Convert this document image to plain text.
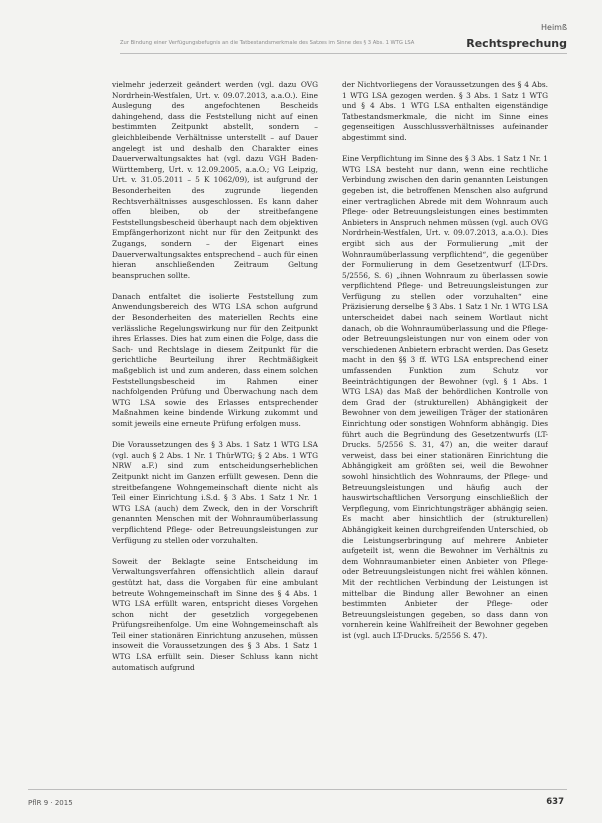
Heimß
Zur Bindung einer Verfügungsbefugnis an die Tatbestandsmerkmale des Satzes im Sinne des § 3 Abs. 1 WTG LSA	Rechtsprechung

vielmehr jederzeit geändert werden (vgl. dazu OVG Nordrhein-Westfalen, Urt. v. 09.07.2013, a.a.O.). Eine Auslegung des angefochtenen Bescheids dahingehend, dass die Feststellung nicht auf einen bestimmten Zeitpunkt abstellt, sondern – gleichbleibende Verhältnisse unterstellt – auf Dauer angelegt ist und deshalb den Charakter eines Dauerverwaltungsaktes hat (vgl. dazu VGH Baden-Württemberg, Urt. v. 12.09.2005, a.a.O.; VG Leipzig, Urt. v. 31.05.2011 – 5 K 1062/09), ist aufgrund der Besonderheiten des zugrunde liegenden Rechtsverhältnisses ausgeschlossen. Es kann daher offen bleiben, ob der streitbefangene Feststellungsbescheid überhaupt nach dem objektiven Empfängerhorizont nicht nur für den Zeitpunkt des Zugangs, sondern – der Eigenart eines Dauerverwaltungsaktes entsprechend – auch für einen hieran anschließenden Zeitraum Geltung beanspruchen sollte.

Danach entfaltet die isolierte Feststellung zum Anwendungsbereich des WTG LSA schon aufgrund der Besonderheiten des materiellen Rechts eine verlässliche Regelungswirkung nur für den Zeitpunkt ihres Erlasses. Dies hat zum einen die Folge, dass die Sach- und Rechtslage in diesem Zeitpunkt für die gerichtliche Beurteilung ihrer Rechtmäßigkeit maßgeblich ist und zum anderen, dass einem solchen Feststellungsbescheid im Rahmen einer nachfolgenden Prüfung und Überwachung nach dem WTG LSA sowie des Erlasses entsprechender Maßnahmen keine bindende Wirkung zukommt und somit jeweils eine erneute Prüfung erfolgen muss.

Die Voraussetzungen des § 3 Abs. 1 Satz 1 WTG LSA (vgl. auch § 2 Abs. 1 Nr. 1 ThürWTG; § 2 Abs. 1 WTG NRW a.F.) sind zum entscheidungserheblichen Zeitpunkt nicht im Ganzen erfüllt gewesen. Denn die streitbefangene Wohngemeinschaft diente nicht als Teil einer Einrichtung i.S.d. § 3 Abs. 1 Satz 1 Nr. 1 WTG LSA (auch) dem Zweck, den in der Vorschrift genannten Menschen mit der Wohnraumüberlassung verpflichtend Pflege- oder Betreuungsleistungen zur Verfügung zu stellen oder vorzuhalten.

Soweit der Beklagte seine Entscheidung im Verwaltungsverfahren offensichtlich allein darauf gestützt hat, dass die Vorgaben für eine ambulant betreute Wohngemeinschaft im Sinne des § 4 Abs. 1 WTG LSA erfüllt waren, entspricht dieses Vorgehen schon nicht der gesetzlich vorgegebenen Prüfungsreihenfolge. Um eine Wohngemeinschaft als Teil einer stationären Einrichtung anzusehen, müssen insoweit die Voraussetzungen des § 3 Abs. 1 Satz 1 WTG LSA erfüllt sein. Dieser Schluss kann nicht automatisch aufgrund

der Nichtvorliegens der Voraussetzungen des § 4 Abs. 1 WTG LSA gezogen werden. § 3 Abs. 1 Satz 1 WTG und § 4 Abs. 1 WTG LSA enthalten eigenständige Tatbestandsmerkmale, die nicht im Sinne eines gegenseitigen Ausschlussverhältnisses aufeinander abgestimmt sind.

Eine Verpflichtung im Sinne des § 3 Abs. 1 Satz 1 Nr. 1 WTG LSA besteht nur dann, wenn eine rechtliche Verbindung zwischen den darin genannten Leistungen gegeben ist, die betroffenen Menschen also aufgrund einer vertraglichen Abrede mit dem Wohnraum auch Pflege- oder Betreuungsleistungen eines bestimmten Anbieters in Anspruch nehmen müssen (vgl. auch OVG Nordrhein-Westfalen, Urt. v. 09.07.2013, a.a.O.). Dies ergibt sich aus der Formulierung „mit der Wohnraumüberlassung verpflichtend“, die gegenüber der Formulierung in dem Gesetzentwurf (LT-Drs. 5/2556, S. 6) „ihnen Wohnraum zu überlassen sowie verpflichtend Pflege- und Betreuungsleistungen zur Verfügung zu stellen oder vorzuhalten“ eine Präzisierung derselbe § 3 Abs. 1 Satz 1 Nr. 1 WTG LSA unterscheidet dabei nach seinem Wortlaut nicht danach, ob die Wohnraumüberlassung und die Pflege- oder Betreuungsleistungen nur von einem oder von verschiedenen Anbietern erbracht werden. Das Gesetz macht in den §§ 3 ff. WTG LSA entsprechend einer umfassenden Funktion zum Schutz vor Beeinträchtigungen der Bewohner (vgl. § 1 Abs. 1 WTG LSA) das Maß der behördlichen Kontrolle von dem Grad der (strukturellen) Abhängigkeit der Bewohner von dem jeweiligen Träger der stationären Einrichtung oder sonstigen Wohnform abhängig. Dies führt auch die Begründung des Gesetzentwurfs (LT-Drucks. 5/2556 S. 31, 47) an, die weiter darauf verweist, dass bei einer stationären Einrichtung die Abhängigkeit am größten sei, weil die Bewohner sowohl hinsichtlich des Wohnraums, der Pflege- und Betreuungsleistungen und häufig auch der hauswirtschaftlichen Versorgung einschließlich der Verpflegung, vom Einrichtungsträger abhängig seien. Es macht aber hinsichtlich der (strukturellen) Abhängigkeit keinen durchgreifenden Unterschied, ob die Leistungserbringung auf mehrere Anbieter aufgeteilt ist, wenn die Bewohner im Verhältnis zu dem Wohnraumanbieter einen Anbieter von Pflege- oder Betreuungsleistungen nicht frei wählen können. Mit der rechtlichen Verbindung der Leistungen ist mittelbar die Bindung aller Bewohner an einen bestimmten Anbieter der Pflege- oder Betreuungsleistungen gegeben, so dass dann von vornherein keine Wahlfreiheit der Bewohner gegeben ist (vgl. auch LT-Drucks. 5/2556 S. 47).

PflR 9 · 2015	637
